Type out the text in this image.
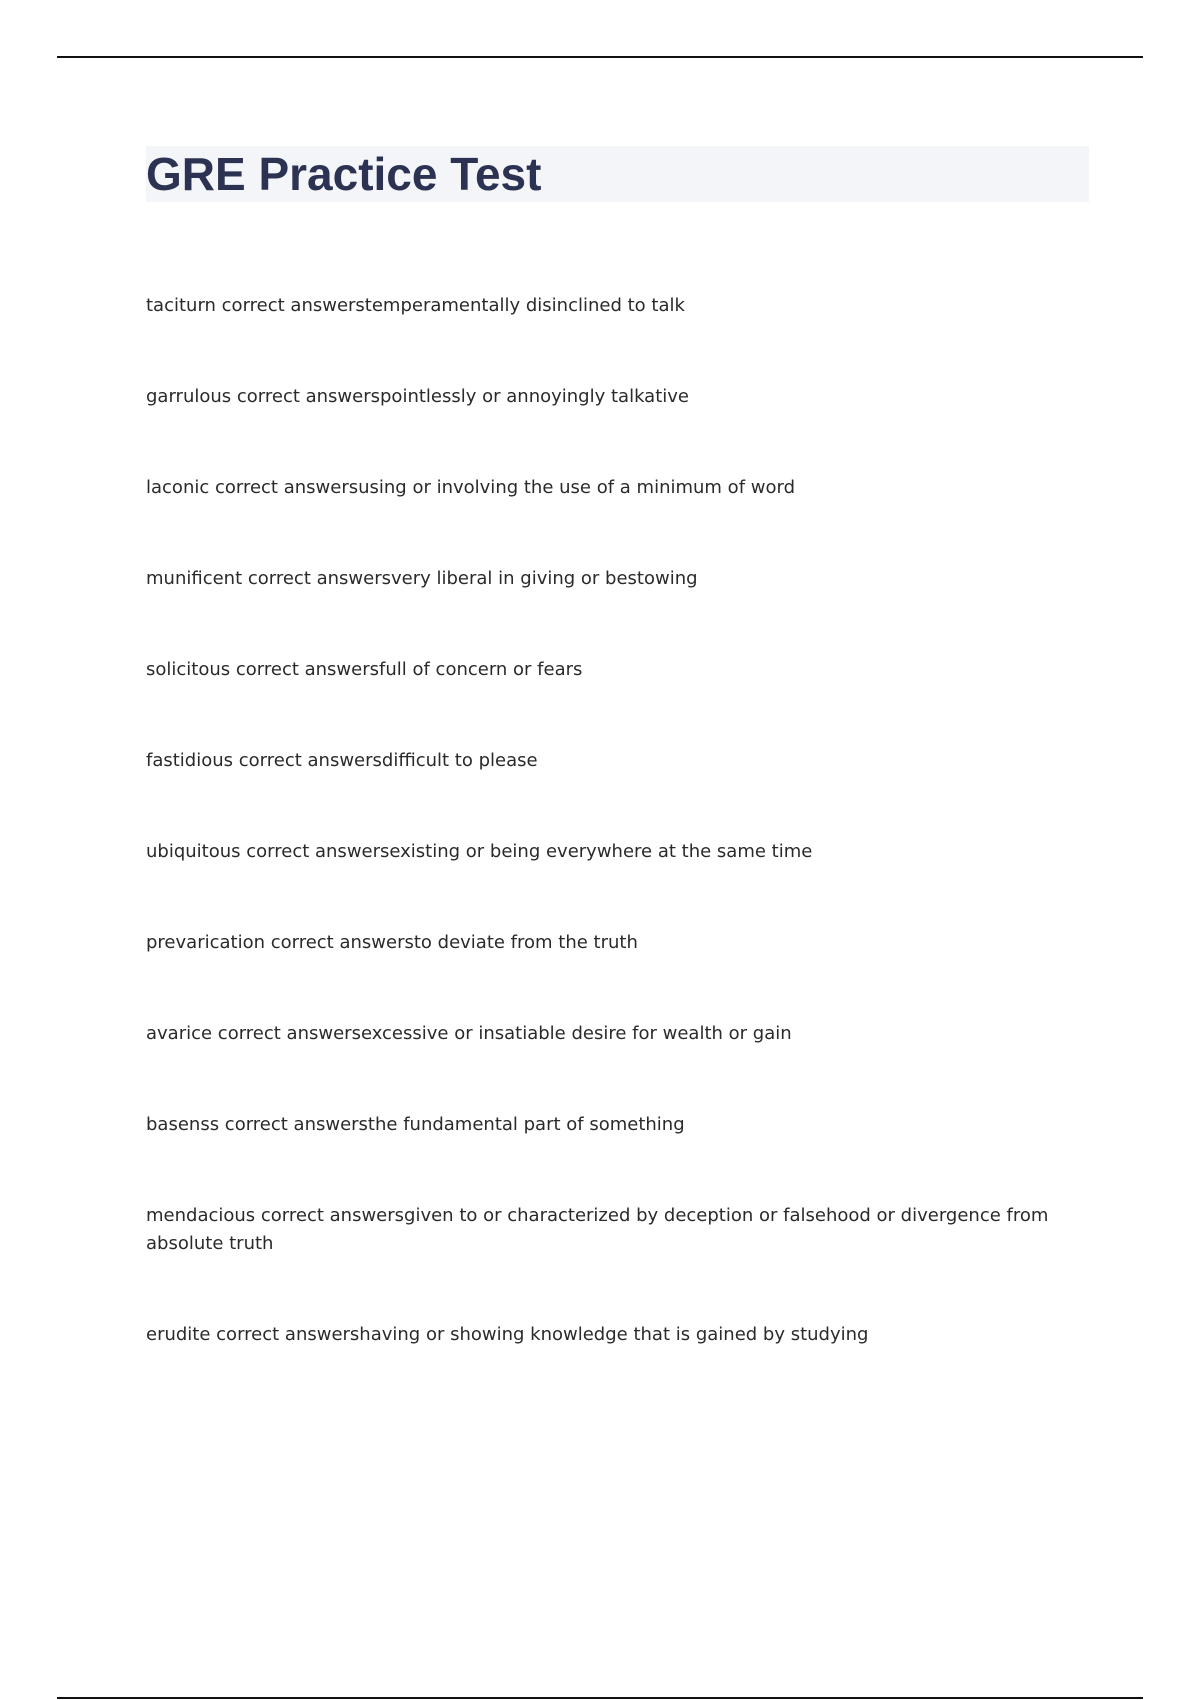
GRE Practice Test

taciturn correct answerstemperamentally disinclined to talk

garrulous correct answerspointlessly or annoyingly talkative

laconic correct answersusing or involving the use of a minimum of word

munificent correct answersvery liberal in giving or bestowing

solicitous correct answersfull of concern or fears

fastidious correct answersdifficult to please

ubiquitous correct answersexisting or being everywhere at the same time

prevarication correct answersto deviate from the truth

avarice correct answersexcessive or insatiable desire for wealth or gain

basenss correct answersthe fundamental part of something

mendacious correct answersgiven to or characterized by deception or falsehood or divergence from absolute truth

erudite correct answershaving or showing knowledge that is gained by studying
